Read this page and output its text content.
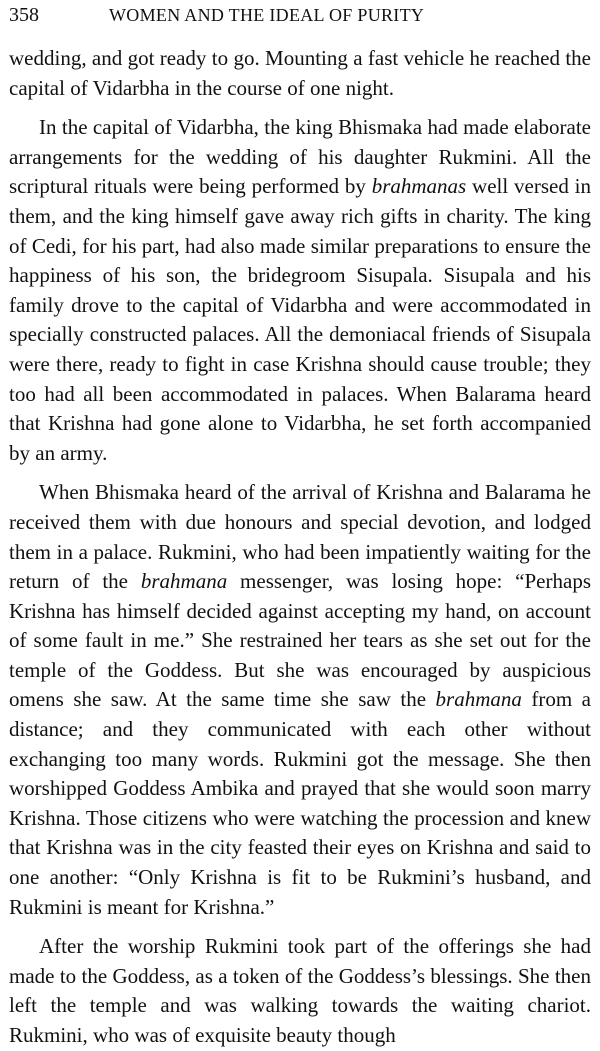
358	WOMEN AND THE IDEAL OF PURITY

wedding, and got ready to go. Mounting a fast vehicle he reached the capital of Vidarbha in the course of one night.

In the capital of Vidarbha, the king Bhismaka had made elaborate arrangements for the wedding of his daughter Rukmini. All the scriptural rituals were being performed by brahmanas well versed in them, and the king himself gave away rich gifts in charity. The king of Cedi, for his part, had also made similar preparations to ensure the happiness of his son, the bridegroom Sisupala. Sisupala and his family drove to the capital of Vidarbha and were accommodated in specially constructed palaces. All the demoniacal friends of Sisupala were there, ready to fight in case Krishna should cause trouble; they too had all been accommodated in palaces. When Balarama heard that Krishna had gone alone to Vidarbha, he set forth accompanied by an army.

When Bhismaka heard of the arrival of Krishna and Balarama he received them with due honours and special devotion, and lodged them in a palace. Rukmini, who had been impatiently waiting for the return of the brahmana messenger, was losing hope: “Perhaps Krishna has himself decided against accepting my hand, on account of some fault in me.” She restrained her tears as she set out for the temple of the Goddess. But she was encouraged by auspicious omens she saw. At the same time she saw the brahmana from a distance; and they communicated with each other without exchanging too many words. Rukmini got the message. She then worshipped Goddess Ambika and prayed that she would soon marry Krishna. Those citizens who were watching the procession and knew that Krishna was in the city feasted their eyes on Krishna and said to one another: “Only Krishna is fit to be Rukmini’s husband, and Rukmini is meant for Krishna.”

After the worship Rukmini took part of the offerings she had made to the Goddess, as a token of the Goddess’s blessings. She then left the temple and was walking towards the waiting chariot. Rukmini, who was of exquisite beauty though
